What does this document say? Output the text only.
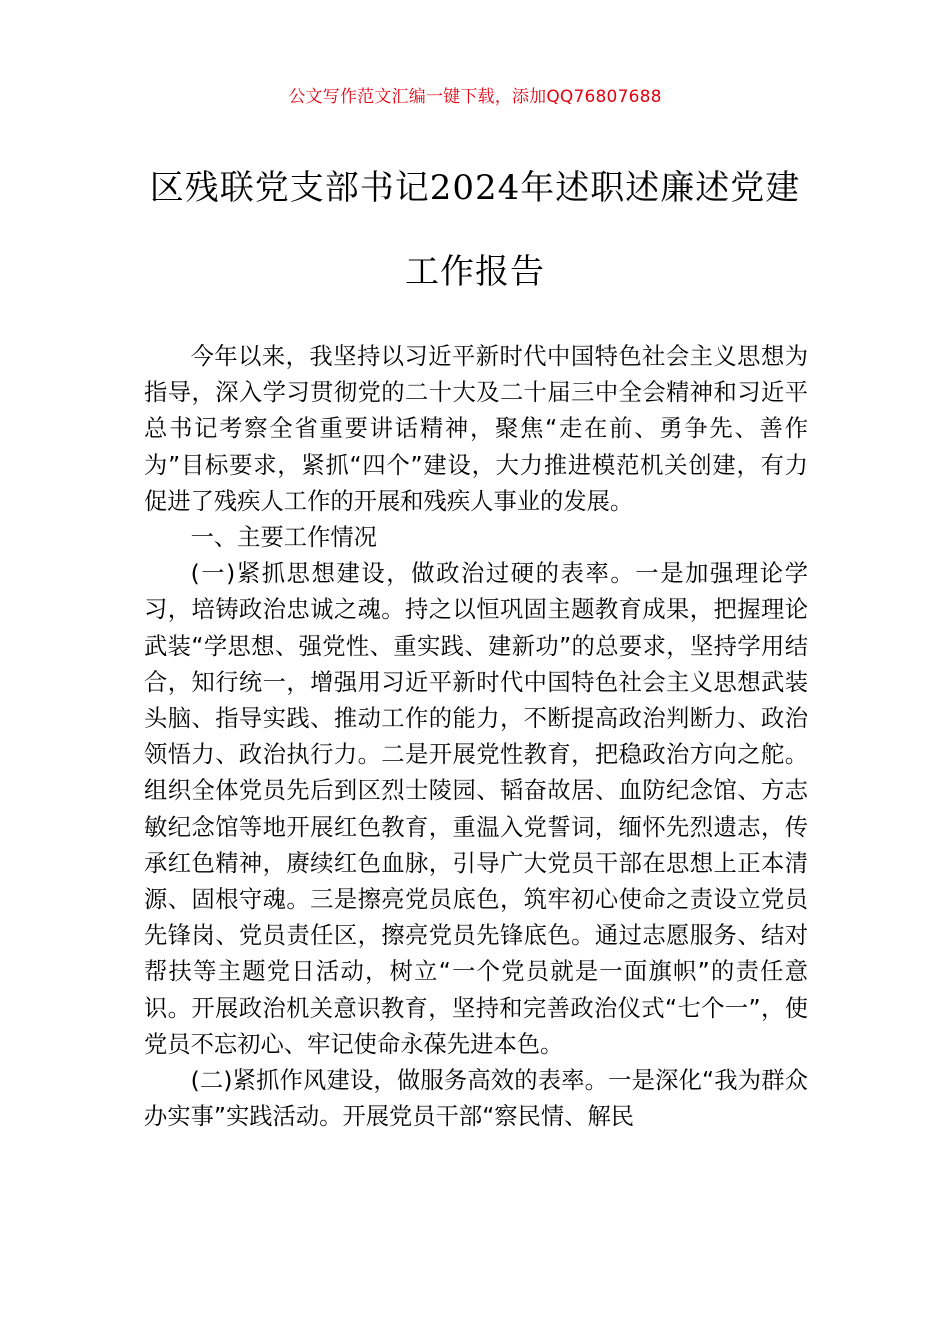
公文写作范文汇编一键下载，添加QQ76807688
区残联党支部书记2024年述职述廉述党建
工作报告

今年以来，我坚持以习近平新时代中国特色社会主义思想为指导，深入学习贯彻党的二十大及二十届三中全会精神和习近平总书记考察全省重要讲话精神，聚焦“走在前、勇争先、善作为”目标要求，紧抓“四个”建设，大力推进模范机关创建，有力促进了残疾人工作的开展和残疾人事业的发展。

一、主要工作情况

(一)紧抓思想建设，做政治过硬的表率。一是加强理论学习，培铸政治忠诚之魂。持之以恒巩固主题教育成果，把握理论武装“学思想、强党性、重实践、建新功”的总要求，坚持学用结合，知行统一，增强用习近平新时代中国特色社会主义思想武装头脑、指导实践、推动工作的能力，不断提高政治判断力、政治领悟力、政治执行力。二是开展党性教育，把稳政治方向之舵。组织全体党员先后到区烈士陵园、韬奋故居、血防纪念馆、方志敏纪念馆等地开展红色教育，重温入党誓词，缅怀先烈遗志，传承红色精神，赓续红色血脉，引导广大党员干部在思想上正本清源、固根守魂。三是擦亮党员底色，筑牢初心使命之责设立党员先锋岗、党员责任区，擦亮党员先锋底色。通过志愿服务、结对帮扶等主题党日活动，树立“一个党员就是一面旗帜”的责任意识。开展政治机关意识教育，坚持和完善政治仪式“七个一”，使党员不忘初心、牢记使命永葆先进本色。

(二)紧抓作风建设，做服务高效的表率。一是深化“我为群众办实事”实践活动。开展党员干部“察民情、解民
